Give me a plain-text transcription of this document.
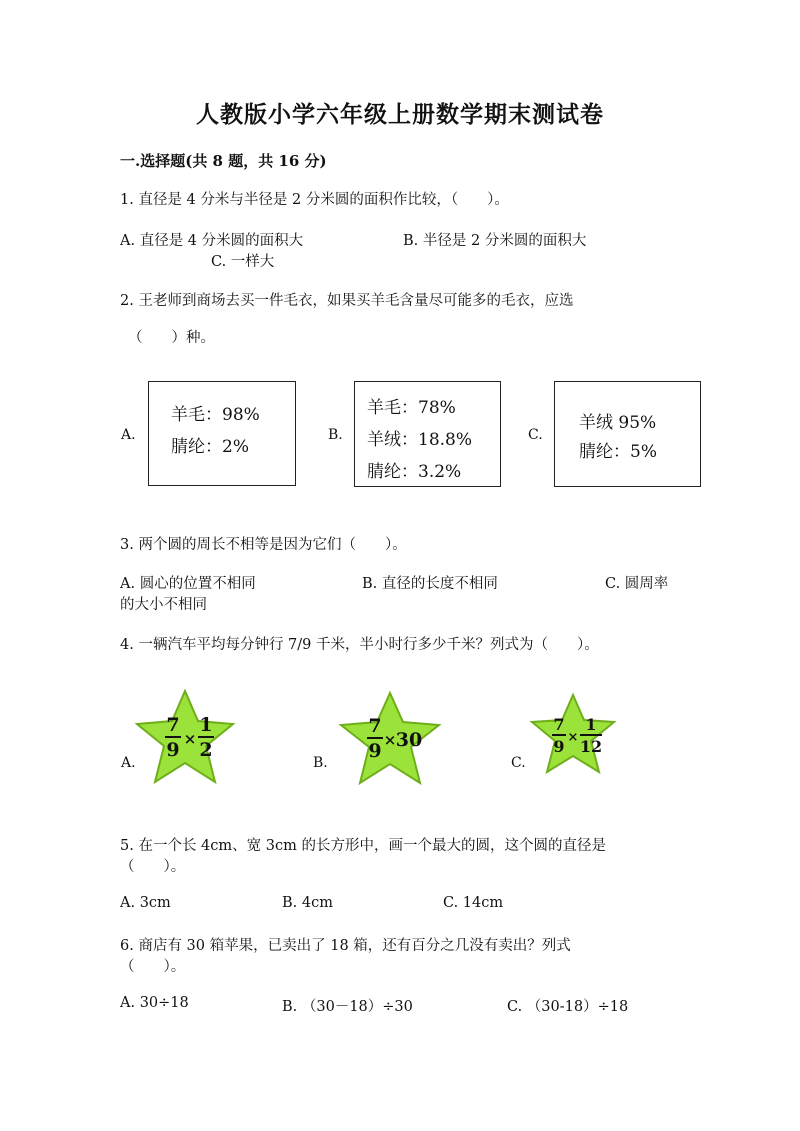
人教版小学六年级上册数学期末测试卷
一.选择题(共 8 题，共 16 分)
1. 直径是 4 分米与半径是 2 分米圆的面积作比较，（　　）。
A. 直径是 4 分米圆的面积大	B. 半径是 2 分米圆的面积大
C. 一样大
2. 王老师到商场去买一件毛衣，如果买羊毛含量尽可能多的毛衣，应选
（　　）种。
A.
羊毛：98%
腈纶：2%
B.
羊毛：78%
羊绒：18.8%
腈纶：3.2%
C.
羊绒 95%
腈纶：5%
3. 两个圆的周长不相等是因为它们（　　）。
A. 圆心的位置不相同	B. 直径的长度不相同	C. 圆周率
的大小不相同
4. 一辆汽车平均每分钟行 7/9 千米，半小时行多少千米？列式为（　　）。
A.
7
9 ×
1
2
B.
7
9 × 30
C.
7
9 ×
1
12
5. 在一个长 4cm、宽 3cm 的长方形中，画一个最大的圆，这个圆的直径是
（　　）。
A. 3cm	B. 4cm	C. 14cm
6. 商店有 30 箱苹果，已卖出了 18 箱，还有百分之几没有卖出？列式
（　　）。
A. 30÷18	B. （30－18）÷30	C. （30-18）÷18
